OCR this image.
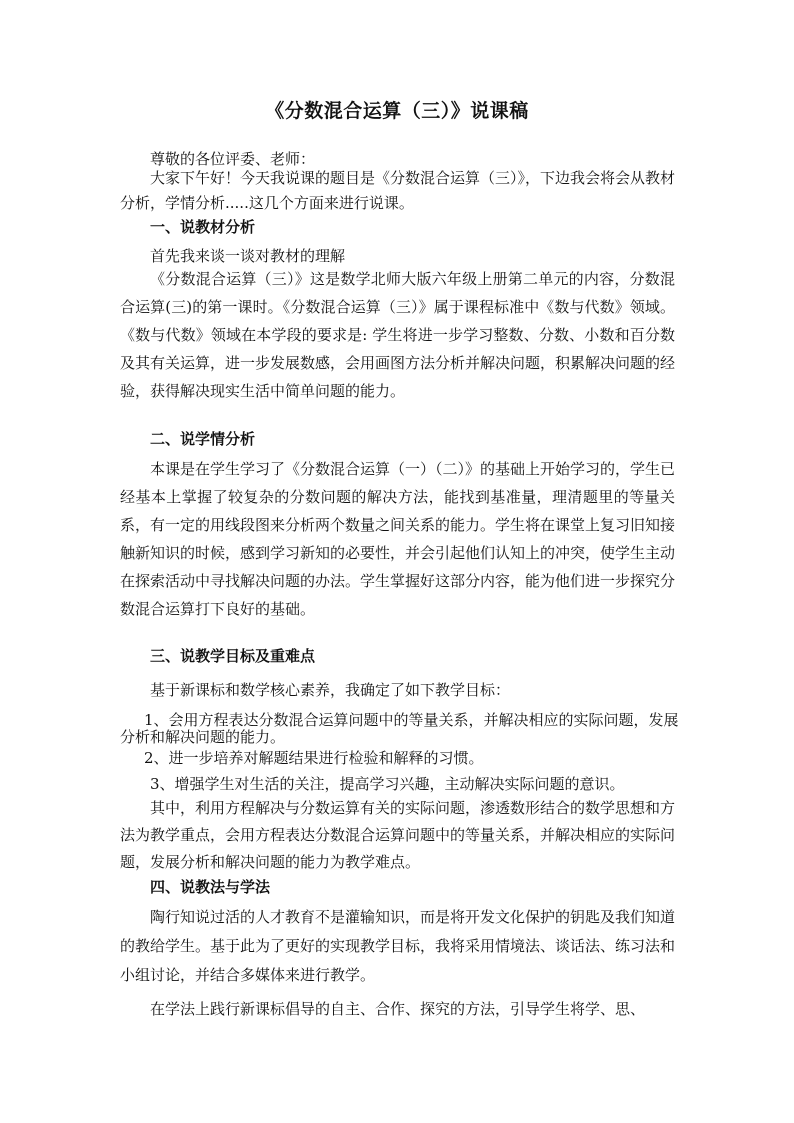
《分数混合运算（三）》说课稿

尊敬的各位评委、老师：

大家下午好！今天我说课的题目是《分数混合运算（三）》，下边我会将会从教材分析，学情分析.....这几个方面来进行说课。

一、说教材分析

首先我来谈一谈对教材的理解

《分数混合运算（三）》这是数学北师大版六年级上册第二单元的内容，分数混合运算(三)的第一课时。《分数混合运算（三）》属于课程标准中《数与代数》领域。《数与代数》领域在本学段的要求是: 学生将进一步学习整数、分数、小数和百分数及其有关运算，进一步发展数感，会用画图方法分析并解决问题，积累解决问题的经验，获得解决现实生活中简单问题的能力。

二、说学情分析

本课是在学生学习了《分数混合运算（一）（二）》的基础上开始学习的，学生已经基本上掌握了较复杂的分数问题的解决方法，能找到基准量，理清题里的等量关系，有一定的用线段图来分析两个数量之间关系的能力。学生将在课堂上复习旧知接触新知识的时候，感到学习新知的必要性，并会引起他们认知上的冲突，使学生主动在探索活动中寻找解决问题的办法。学生掌握好这部分内容，能为他们进一步探究分数混合运算打下良好的基础。

三、说教学目标及重难点

基于新课标和数学核心素养，我确定了如下教学目标：

1、会用方程表达分数混合运算问题中的等量关系，并解决相应的实际问题，发展分析和解决问题的能力。

2、进一步培养对解题结果进行检验和解释的习惯。

3、增强学生对生活的关注，提高学习兴趣，主动解决实际问题的意识。

其中，利用方程解决与分数运算有关的实际问题，渗透数形结合的数学思想和方法为教学重点，会用方程表达分数混合运算问题中的等量关系，并解决相应的实际问题，发展分析和解决问题的能力为教学难点。

四、说教法与学法

陶行知说过活的人才教育不是灌输知识，而是将开发文化保护的钥匙及我们知道的教给学生。基于此为了更好的实现教学目标，我将采用情境法、谈话法、练习法和小组讨论，并结合多媒体来进行教学。

在学法上践行新课标倡导的自主、合作、探究的方法，引导学生将学、思、
